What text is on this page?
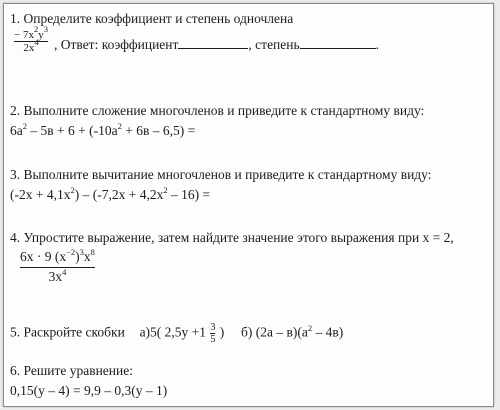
1. Определите коэффициент и степень одночлена
− $7x^2y^3$
$2x^4$	, Ответ: коэффициент	, степень	.
2. Выполните сложение многочленов и приведите к стандартному виду:
$6а^2 - 5в + 6 + (-10а^2 + 6в - 6,5)$ =
3. Выполните вычитание многочленов и приведите к стандартному виду:
$(-2х + 4,1х^2) - (-7,2х + 4,2х^2 - 16)$ =
4. Упростите выражение, затем найдите значение этого выражения при х = 2,
6x · 9 $(x^{-2})^3x^8$
$3x^4$
5. Раскройте скобки а)5( $2,5у +1 \frac{3}{5}$ ) б) $(2а - в)(а^2 - 4в)$
6. Решите уравнение:
0,15(у – 4) = 9,9 – 0,3(у – 1)
